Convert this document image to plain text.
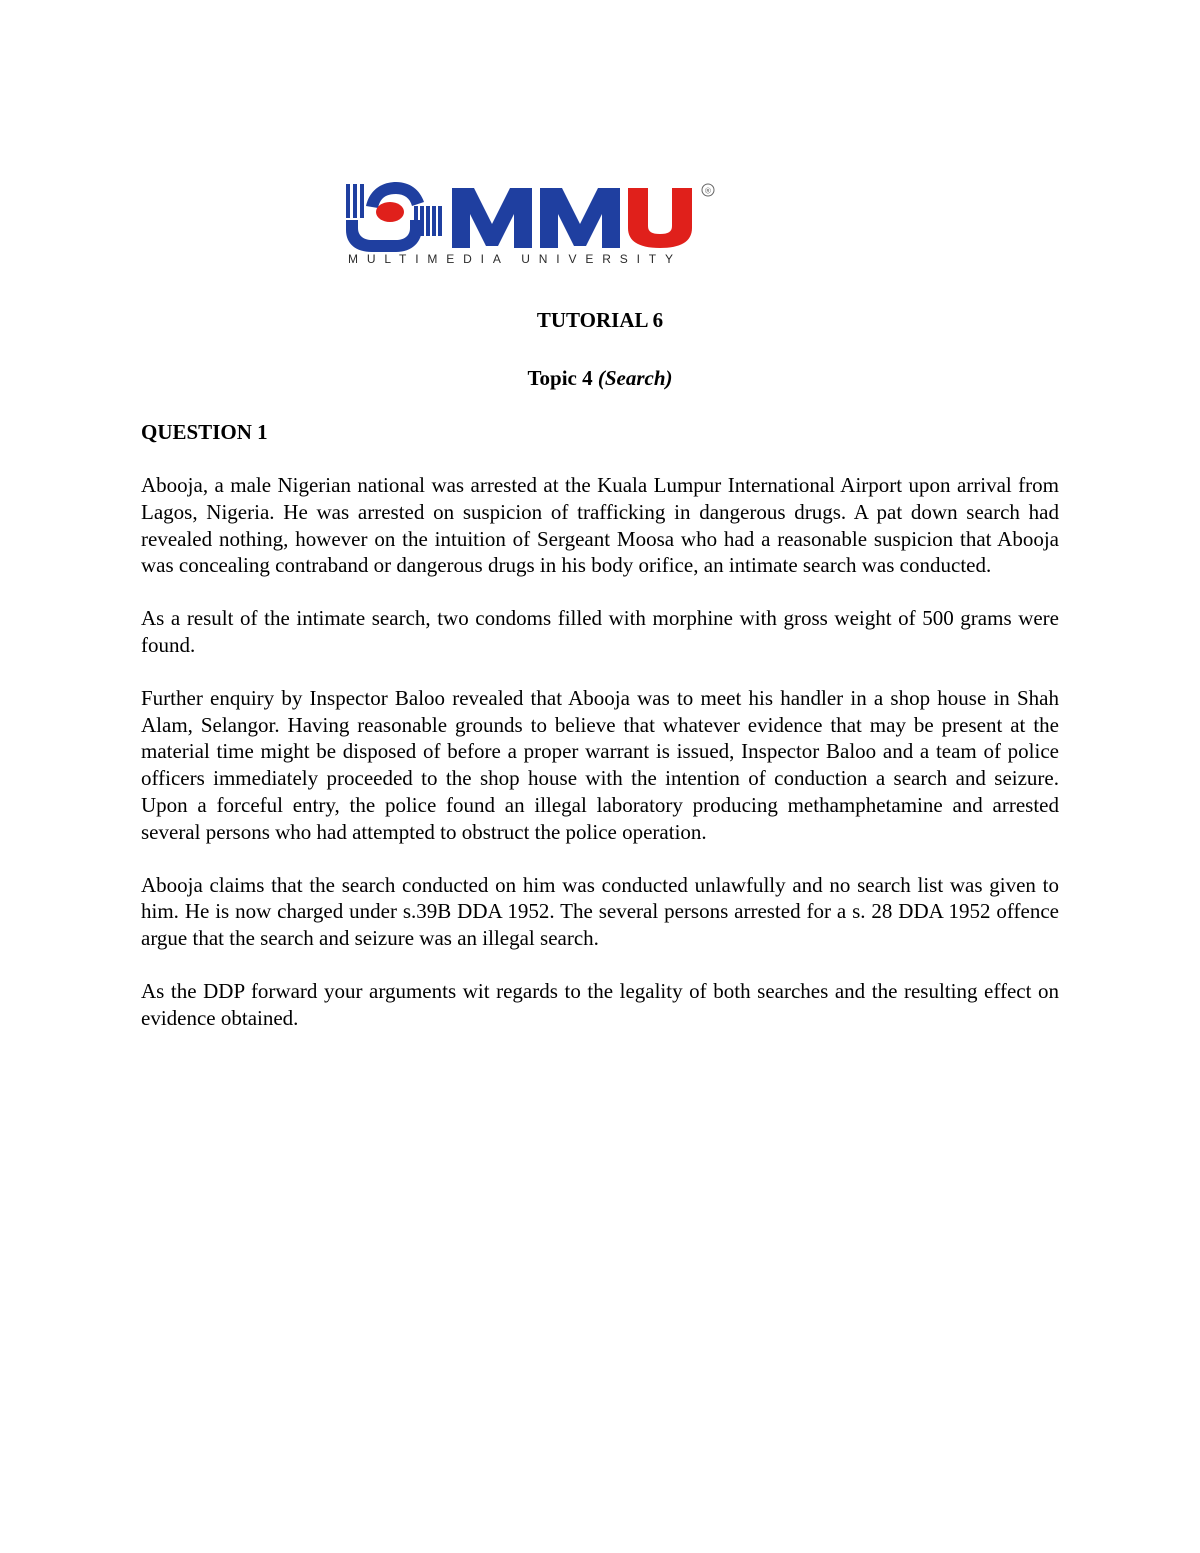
®
MULTIMEDIA UNIVERSITY
TUTORIAL 6
Topic 4 (Search)
QUESTION 1

Abooja, a male Nigerian national was arrested at the Kuala Lumpur International Airport upon arrival from Lagos, Nigeria. He was arrested on suspicion of trafficking in dangerous drugs. A pat down search had revealed nothing, however on the intuition of Sergeant Moosa who had a reasonable suspicion that Abooja was concealing contraband or dangerous drugs in his body orifice, an intimate search was conducted.

As a result of the intimate search, two condoms filled with morphine with gross weight of 500 grams were found.

Further enquiry by Inspector Baloo revealed that Abooja was to meet his handler in a shop house in Shah Alam, Selangor. Having reasonable grounds to believe that whatever evidence that may be present at the material time might be disposed of before a proper warrant is issued, Inspector Baloo and a team of police officers immediately proceeded to the shop house with the intention of conduction a search and seizure. Upon a forceful entry, the police found an illegal laboratory producing methamphetamine and arrested several persons who had attempted to obstruct the police operation.

Abooja claims that the search conducted on him was conducted unlawfully and no search list was given to him. He is now charged under s.39B DDA 1952. The several persons arrested for a s. 28 DDA 1952 offence argue that the search and seizure was an illegal search.

As the DDP forward your arguments wit regards to the legality of both searches and the resulting effect on evidence obtained.
